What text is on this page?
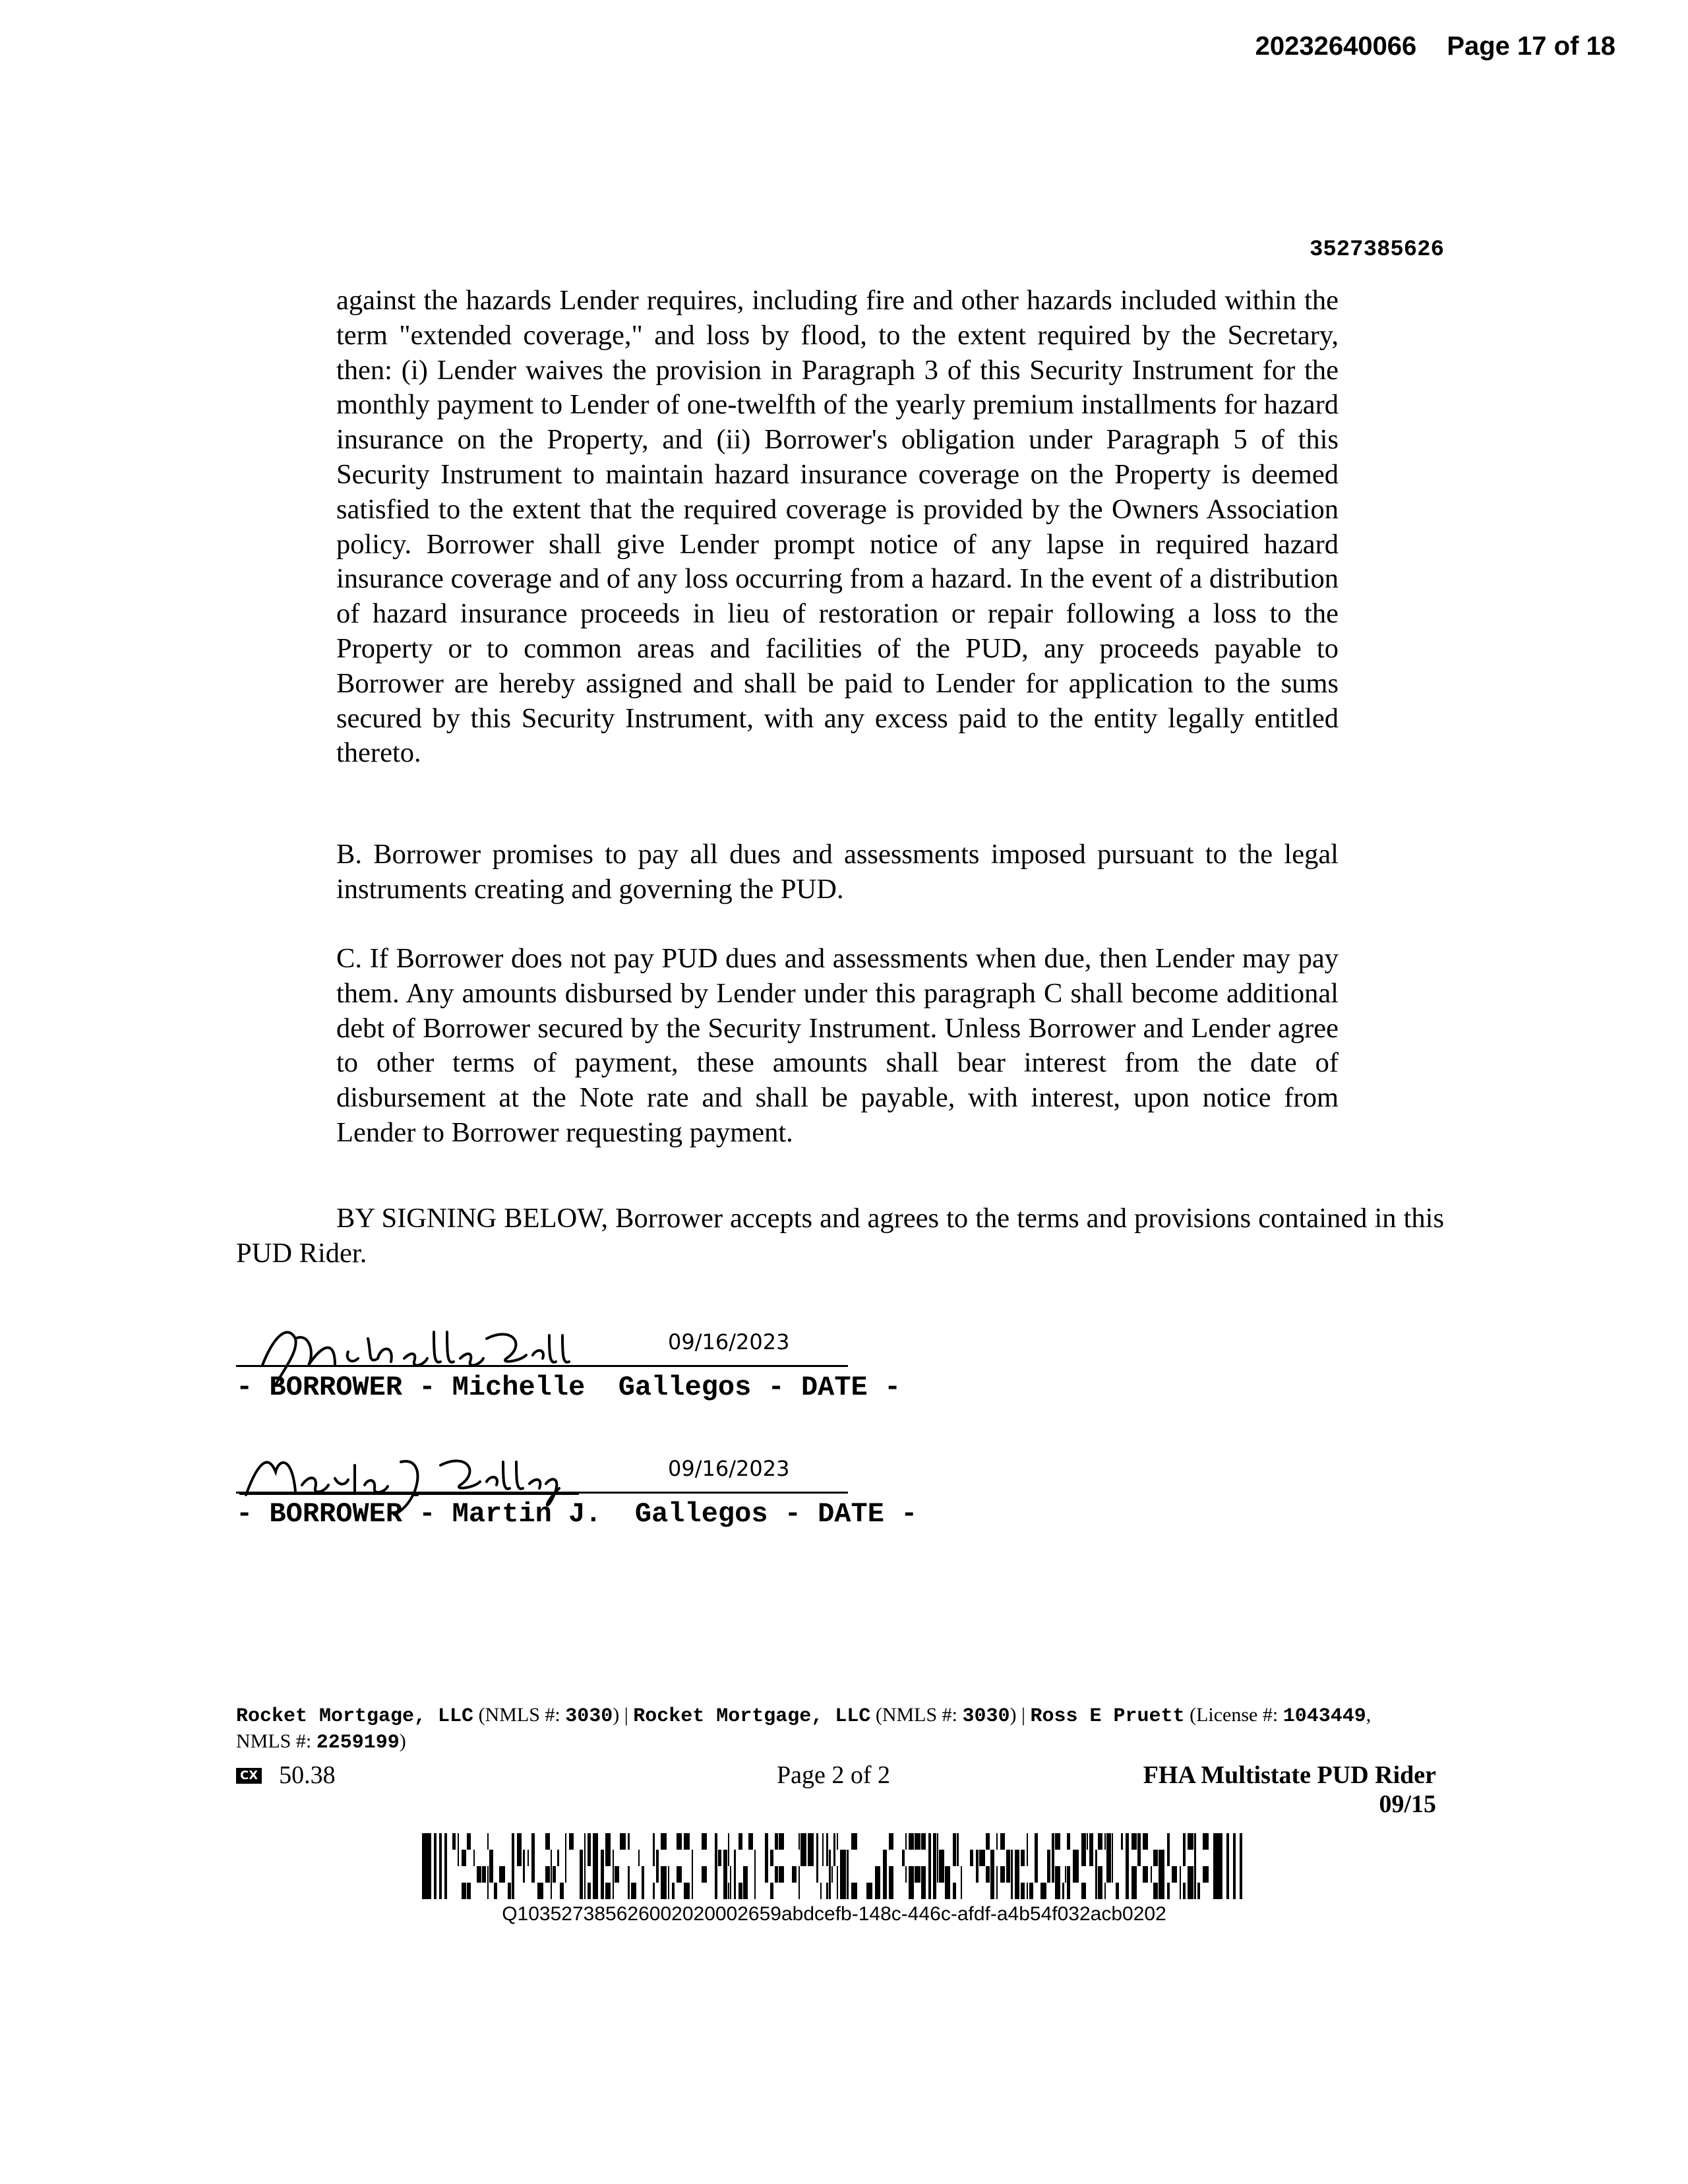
20232640066 Page 17 of 18
3527385626

against the hazards Lender requires, including fire and other hazards included within the term "extended coverage," and loss by flood, to the extent required by the Secretary, then: (i) Lender waives the provision in Paragraph 3 of this Security Instrument for the monthly payment to Lender of one-twelfth of the yearly premium installments for hazard insurance on the Property, and (ii) Borrower's obligation under Paragraph 5 of this Security Instrument to maintain hazard insurance coverage on the Property is deemed satisfied to the extent that the required coverage is provided by the Owners Association policy. Borrower shall give Lender prompt notice of any lapse in required hazard insurance coverage and of any loss occurring from a hazard. In the event of a distribution of hazard insurance proceeds in lieu of restoration or repair following a loss to the Property or to common areas and facilities of the PUD, any proceeds payable to Borrower are hereby assigned and shall be paid to Lender for application to the sums secured by this Security Instrument, with any excess paid to the entity legally entitled thereto.

B. Borrower promises to pay all dues and assessments imposed pursuant to the legal instruments creating and governing the PUD.

C. If Borrower does not pay PUD dues and assessments when due, then Lender may pay them. Any amounts disbursed by Lender under this paragraph C shall become additional debt of Borrower secured by the Security Instrument. Unless Borrower and Lender agree to other terms of payment, these amounts shall bear interest from the date of disbursement at the Note rate and shall be payable, with interest, upon notice from Lender to Borrower requesting payment.

BY SIGNING BELOW, Borrower accepts and agrees to the terms and provisions contained in this PUD Rider.

09/16/2023
- BORROWER - Michelle  Gallegos - DATE -
09/16/2023
- BORROWER - Martin J.  Gallegos - DATE -
Rocket Mortgage, LLC (NMLS #: 3030) | Rocket Mortgage, LLC (NMLS #: 3030) | Ross E Pruett (License #: 1043449, NMLS #: 2259199)
CX 50.38	Page 2 of 2	FHA Multistate PUD Rider
09/15
Q1035273856260020200026​59abdcefb-148c-446c-afdf-a4b54f032acb0202
